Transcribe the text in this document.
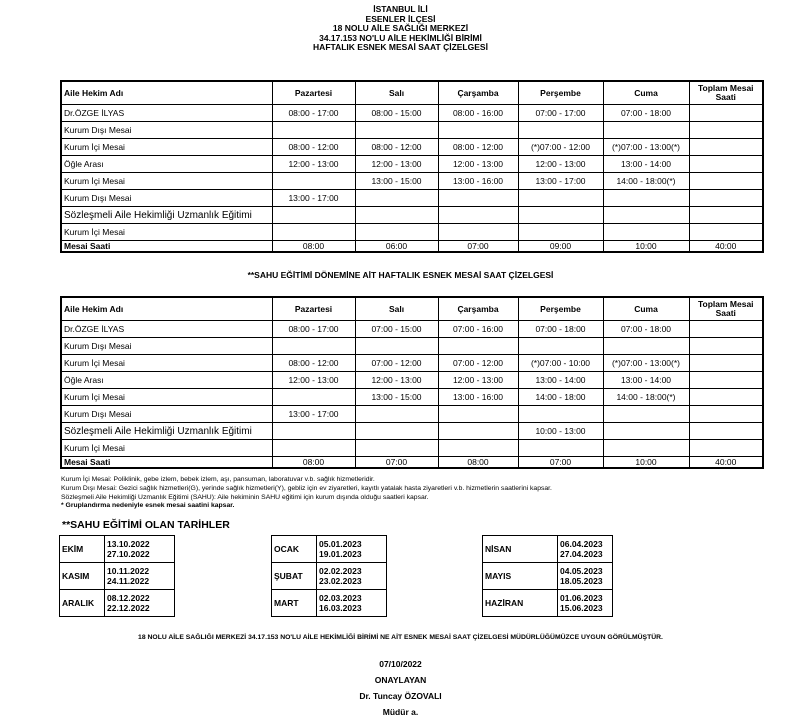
İSTANBUL İLİ
ESENLER İLÇESİ
18 NOLU AİLE SAĞLIĞI MERKEZİ
34.17.153 NO'LU AİLE HEKİMLİĞİ BİRİMİ
HAFTALIK ESNEK MESAİ SAAT ÇİZELGESİ
Aile Hekim Adı	Pazartesi	Salı	Çarşamba	Perşembe	Cuma	Toplam Mesai Saati
Dr.ÖZGE İLYAS	08:00 - 17:00	08:00 - 15:00	08:00 - 16:00	07:00 - 17:00	07:00 - 18:00	
Kurum Dışı Mesai						
Kurum İçi Mesai	08:00 - 12:00	08:00 - 12:00	08:00 - 12:00	(*)07:00 - 12:00	(*)07:00 - 13:00(*)	
Öğle Arası	12:00 - 13:00	12:00 - 13:00	12:00 - 13:00	12:00 - 13:00	13:00 - 14:00	
Kurum İçi Mesai		13:00 - 15:00	13:00 - 16:00	13:00 - 17:00	14:00 - 18:00(*)	
Kurum Dışı Mesai	13:00 - 17:00					
Sözleşmeli Aile Hekimliği Uzmanlık Eğitimi						
Kurum İçi Mesai						
Mesai Saati	08:00	06:00	07:00	09:00	10:00	40:00
**SAHU EĞİTİMİ DÖNEMİNE AİT HAFTALIK ESNEK MESAİ SAAT ÇİZELGESİ
Aile Hekim Adı	Pazartesi	Salı	Çarşamba	Perşembe	Cuma	Toplam Mesai Saati
Dr.ÖZGE İLYAS	08:00 - 17:00	07:00 - 15:00	07:00 - 16:00	07:00 - 18:00	07:00 - 18:00	
Kurum Dışı Mesai						
Kurum İçi Mesai	08:00 - 12:00	07:00 - 12:00	07:00 - 12:00	(*)07:00 - 10:00	(*)07:00 - 13:00(*)	
Öğle Arası	12:00 - 13:00	12:00 - 13:00	12:00 - 13:00	13:00 - 14:00	13:00 - 14:00	
Kurum İçi Mesai		13:00 - 15:00	13:00 - 16:00	14:00 - 18:00	14:00 - 18:00(*)	
Kurum Dışı Mesai	13:00 - 17:00					
Sözleşmeli Aile Hekimliği Uzmanlık Eğitimi				10:00 - 13:00		
Kurum İçi Mesai						
Mesai Saati	08:00	07:00	08:00	07:00	10:00	40:00
Kurum İçi Mesai: Poliklinik, gebe izlem, bebek izlem, aşı, pansuman, laboratuvar v.b. sağlık hizmetleridir.
Kurum Dışı Mesai: Gezici sağlık hizmetleri(G), yerinde sağlık hizmetleri(Y), gebliz için ev ziyaretleri, kayıtlı yatalak hasta ziyaretleri v.b. hizmetlerin saatlerini kapsar.
Sözleşmeli Aile Hekimliği Uzmanlık Eğitimi (SAHU): Aile hekiminin SAHU eğitimi için kurum dışında olduğu saatleri kapsar.
* Gruplandırma nedeniyle esnek mesai saatini kapsar.
**SAHU EĞİTİMİ OLAN TARİHLER
EKİM	13.10.2022
27.10.2022

KASIM	10.11.2022
24.11.2022

ARALIK	08.12.2022
22.12.2022
OCAK	05.01.2023
19.01.2023

ŞUBAT	02.02.2023
23.02.2023

MART	02.03.2023
16.03.2023
NİSAN	06.04.2023
27.04.2023

MAYIS	04.05.2023
18.05.2023

HAZİRAN	01.06.2023
15.06.2023
18 NOLU AİLE SAĞLIĞI MERKEZİ 34.17.153 NO'LU AİLE HEKİMLİĞİ BİRİMİ NE AİT ESNEK MESAİ SAAT ÇİZELGESİ MÜDÜRLÜĞÜMÜZCE UYGUN GÖRÜLMÜŞTÜR.
07/10/2022
ONAYLAYAN
Dr. Tuncay ÖZOVALI
Müdür a.
